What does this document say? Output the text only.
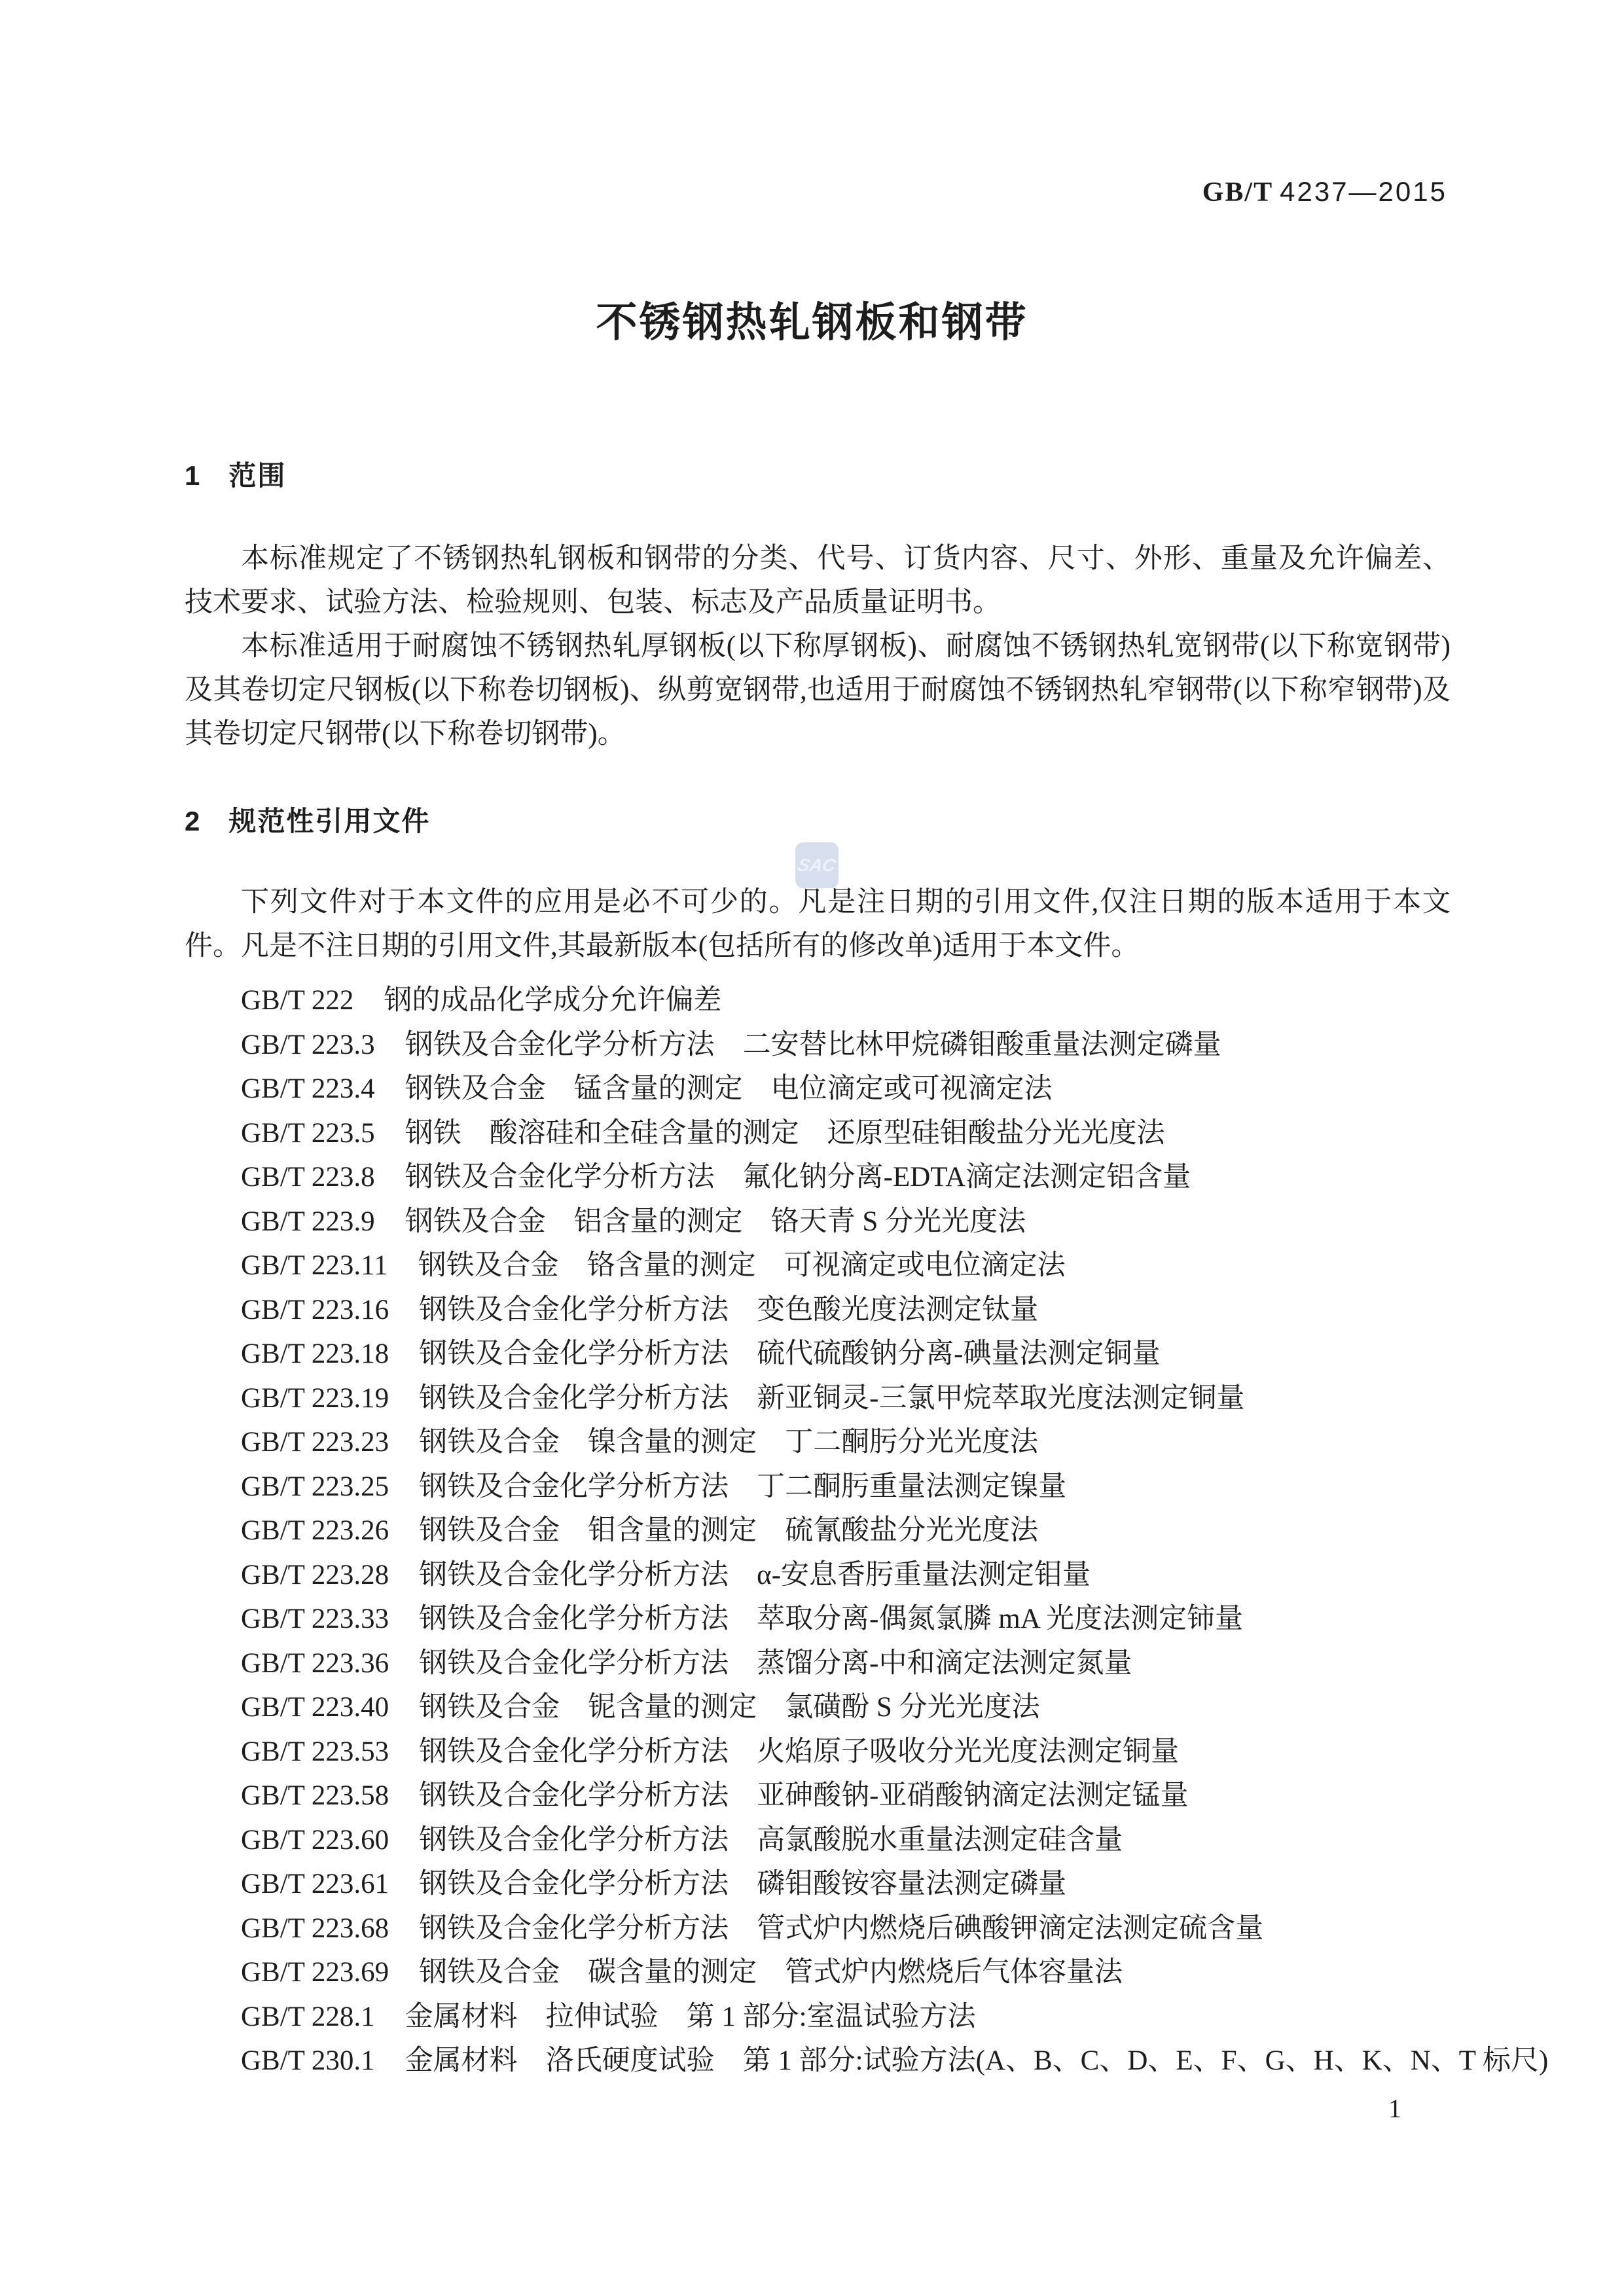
SAC
GB/T 4237—2015
不锈钢热轧钢板和钢带
1 范围

本标准规定了不锈钢热轧钢板和钢带的分类、代号、订货内容、尺寸、外形、重量及允许偏差、技术要求、试验方法、检验规则、包装、标志及产品质量证明书。

本标准适用于耐腐蚀不锈钢热轧厚钢板(以下称厚钢板)、耐腐蚀不锈钢热轧宽钢带(以下称宽钢带)及其卷切定尺钢板(以下称卷切钢板)、纵剪宽钢带,也适用于耐腐蚀不锈钢热轧窄钢带(以下称窄钢带)及其卷切定尺钢带(以下称卷切钢带)。

2 规范性引用文件

下列文件对于本文件的应用是必不可少的。凡是注日期的引用文件,仅注日期的版本适用于本文件。凡是不注日期的引用文件,其最新版本(包括所有的修改单)适用于本文件。

GB/T 222 钢的成品化学成分允许偏差
GB/T 223.3 钢铁及合金化学分析方法　二安替比林甲烷磷钼酸重量法测定磷量
GB/T 223.4 钢铁及合金　锰含量的测定　电位滴定或可视滴定法
GB/T 223.5 钢铁　酸溶硅和全硅含量的测定　还原型硅钼酸盐分光光度法
GB/T 223.8 钢铁及合金化学分析方法　氟化钠分离-EDTA滴定法测定铝含量
GB/T 223.9 钢铁及合金　铝含量的测定　铬天青 S 分光光度法
GB/T 223.11 钢铁及合金　铬含量的测定　可视滴定或电位滴定法
GB/T 223.16 钢铁及合金化学分析方法　变色酸光度法测定钛量
GB/T 223.18 钢铁及合金化学分析方法　硫代硫酸钠分离-碘量法测定铜量
GB/T 223.19 钢铁及合金化学分析方法　新亚铜灵-三氯甲烷萃取光度法测定铜量
GB/T 223.23 钢铁及合金　镍含量的测定　丁二酮肟分光光度法
GB/T 223.25 钢铁及合金化学分析方法　丁二酮肟重量法测定镍量
GB/T 223.26 钢铁及合金　钼含量的测定　硫氰酸盐分光光度法
GB/T 223.28 钢铁及合金化学分析方法　α-安息香肟重量法测定钼量
GB/T 223.33 钢铁及合金化学分析方法　萃取分离-偶氮氯膦 mA 光度法测定铈量
GB/T 223.36 钢铁及合金化学分析方法　蒸馏分离-中和滴定法测定氮量
GB/T 223.40 钢铁及合金　铌含量的测定　氯磺酚 S 分光光度法
GB/T 223.53 钢铁及合金化学分析方法　火焰原子吸收分光光度法测定铜量
GB/T 223.58 钢铁及合金化学分析方法　亚砷酸钠-亚硝酸钠滴定法测定锰量
GB/T 223.60 钢铁及合金化学分析方法　高氯酸脱水重量法测定硅含量
GB/T 223.61 钢铁及合金化学分析方法　磷钼酸铵容量法测定磷量
GB/T 223.68 钢铁及合金化学分析方法　管式炉内燃烧后碘酸钾滴定法测定硫含量
GB/T 223.69 钢铁及合金　碳含量的测定　管式炉内燃烧后气体容量法
GB/T 228.1 金属材料　拉伸试验　第 1 部分:室温试验方法
GB/T 230.1 金属材料　洛氏硬度试验　第 1 部分:试验方法(A、B、C、D、E、F、G、H、K、N、T 标尺)
1
